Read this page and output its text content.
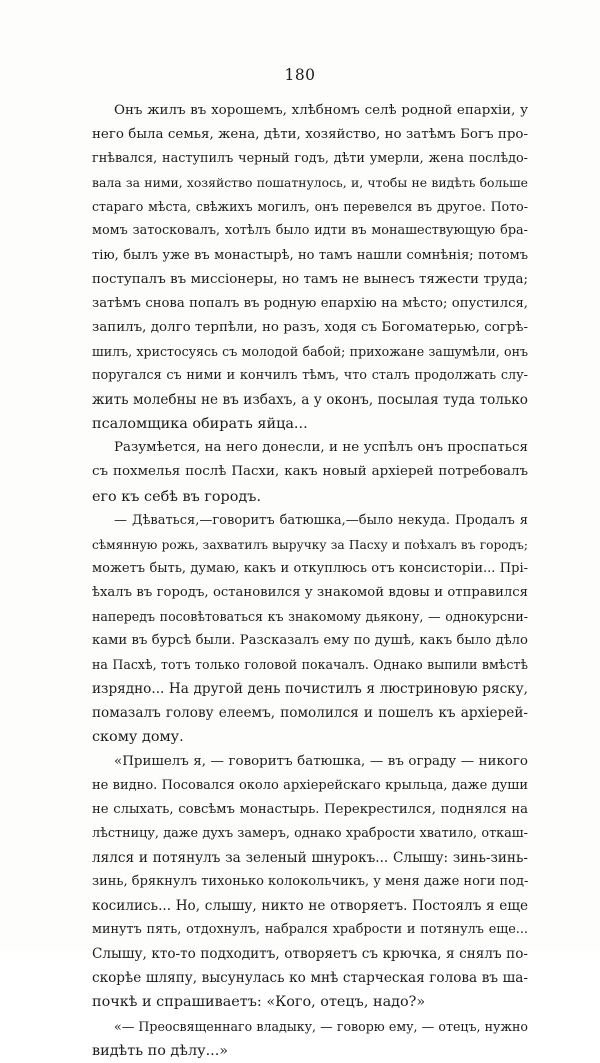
180
Онъ жилъ въ хорошемъ, хлѣбномъ селѣ родной епархіи, у
него была семья, жена, дѣти, хозяйство, но затѣмъ Богъ про-
гнѣвался, наступилъ черный годъ, дѣти умерли, жена послѣдо-
вала за ними, хозяйство пошатнулось, и, чтобы не видѣть больше
стараго мѣста, свѣжихъ могилъ, онъ перевелся въ другое. Пото-
момъ затосковалъ, хотѣлъ было идти въ монашествующую бра-
тію, былъ уже въ монастырѣ, но тамъ нашли сомнѣнія; потомъ
поступалъ въ миссіонеры, но тамъ не вынесъ тяжести труда;
затѣмъ снова попалъ въ родную епархію на мѣсто; опустился,
запилъ, долго терпѣли, но разъ, ходя съ Богоматерью, согрѣ-
шилъ, христосуясь съ молодой бабой; прихожане зашумѣли, онъ
поругался съ ними и кончилъ тѣмъ, что сталъ продолжать слу-
жить молебны не въ избахъ, а у оконъ, посылая туда только
псаломщика обирать яйца...
Разумѣется, на него донесли, и не успѣлъ онъ проспаться
съ похмелья послѣ Пасхи, какъ новый архіерей потребовалъ
его къ себѣ въ городъ.
— Дѣваться,—говоритъ батюшка,—было некуда. Продалъ я
сѣмянную рожь, захватилъ выручку за Пасху и поѣхалъ въ городъ;
можетъ быть, думаю, какъ и откуплюсь отъ консисторіи... Прі-
ѣхалъ въ городъ, остановился у знакомой вдовы и отправился
напередъ посовѣтоваться къ знакомому дьякону, — однокурсни-
ками въ бурсѣ были. Разсказалъ ему по душѣ, какъ было дѣло
на Пасхѣ, тотъ только головой покачалъ. Однако выпили вмѣстѣ
изрядно... На другой день почистилъ я люстриновую ряску,
помазалъ голову елеемъ, помолился и пошелъ къ архіерей-
скому дому.
«Пришелъ я, — говоритъ батюшка, — въ ограду — никого
не видно. Посовался около архіерейскаго крыльца, даже души
не слыхать, совсѣмъ монастырь. Перекрестился, поднялся на
лѣстницу, даже духъ замеръ, однако храбрости хватило, откаш-
лялся и потянулъ за зеленый шнурокъ... Слышу: зинь-зинь-
зинь, брякнулъ тихонько колокольчикъ, у меня даже ноги под-
косились... Но, слышу, никто не отворяетъ. Постоялъ я еще
минутъ пять, отдохнулъ, набрался храбрости и потянулъ еще...
Слышу, кто-то подходитъ, отворяетъ съ крючка, я снялъ по-
скорѣе шляпу, высунулась ко мнѣ старческая голова въ ша-
почкѣ и спрашиваетъ: «Кого, отецъ, надо?»
«— Преосвященнаго владыку, — говорю ему, — отецъ, нужно
видѣть по дѣлу...»
